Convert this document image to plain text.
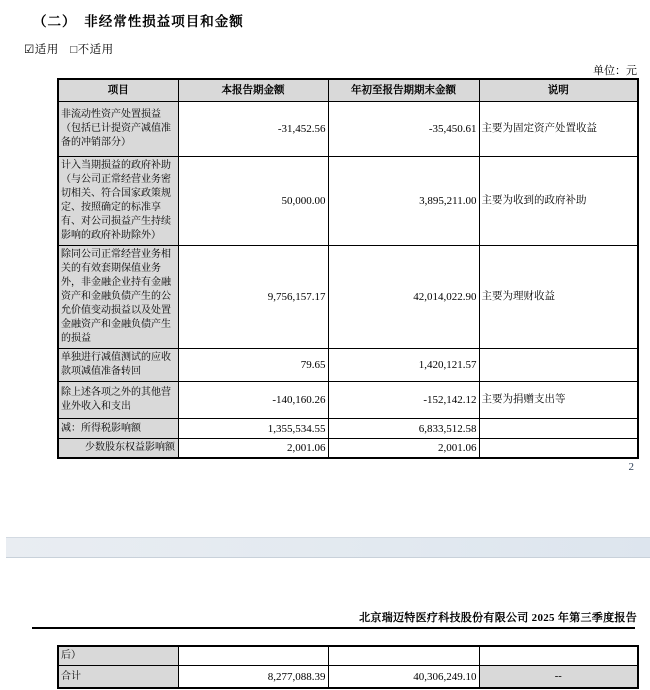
（二）　非经常性损益项目和金额
☑适用 □不适用
单位：元
项目	本报告期金额	年初至报告期期末金额	说明
非流动性资产处置损益（包括已计提资产减值准备的冲销部分）	-31,452.56	-35,450.61	主要为固定资产处置收益
计入当期损益的政府补助（与公司正常经营业务密切相关、符合国家政策规定、按照确定的标准享有、对公司损益产生持续影响的政府补助除外）	50,000.00	3,895,211.00	主要为收到的政府补助
除同公司正常经营业务相关的有效套期保值业务外，非金融企业持有金融资产和金融负债产生的公允价值变动损益以及处置金融资产和金融负债产生的损益	9,756,157.17	42,014,022.90	主要为理财收益
单独进行减值测试的应收款项减值准备转回	79.65	1,420,121.57	
除上述各项之外的其他营业外收入和支出	-140,160.26	-152,142.12	主要为捐赠支出等
减：所得税影响额	1,355,534.55	6,833,512.58	
少数股东权益影响额	2,001.06	2,001.06	
2
北京瑞迈特医疗科技股份有限公司 2025 年第三季度报告
后）			
合计	8,277,088.39	40,306,249.10	--
